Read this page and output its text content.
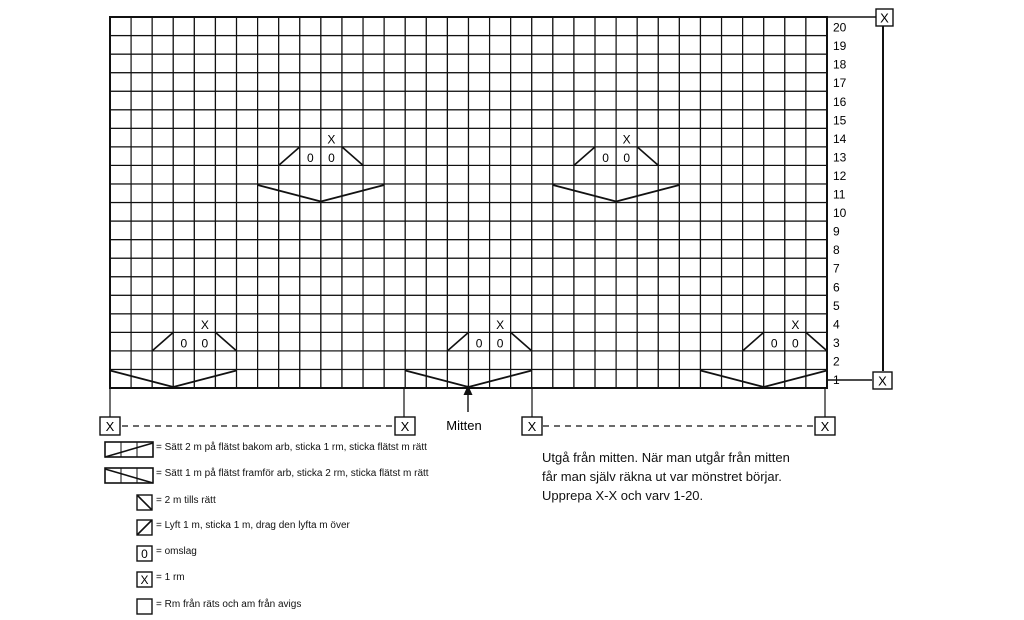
1
2
3
4
5
6
7
8
9
10
11
12
13
14
15
16
17
18
19
20
0 0
X
0 0
X
0 0
X
0 0
X
0 0
X
X
X
X	X	X	X
Mitten
= Sätt 2 m på flätst bakom arb, sticka 1 rm, sticka flätst m rätt
= Sätt 1 m på flätst framför arb, sticka 2 rm, sticka flätst m rätt
= 2 m tills rätt
= Lyft 1 m, sticka 1 m, drag den lyfta m över
0 = omslag
X = 1 rm
= Rm från räts och am från avigs
Utgå från mitten. När man utgår från mitten
får man själv räkna ut var mönstret börjar.
Upprepa X-X och varv 1-20.
